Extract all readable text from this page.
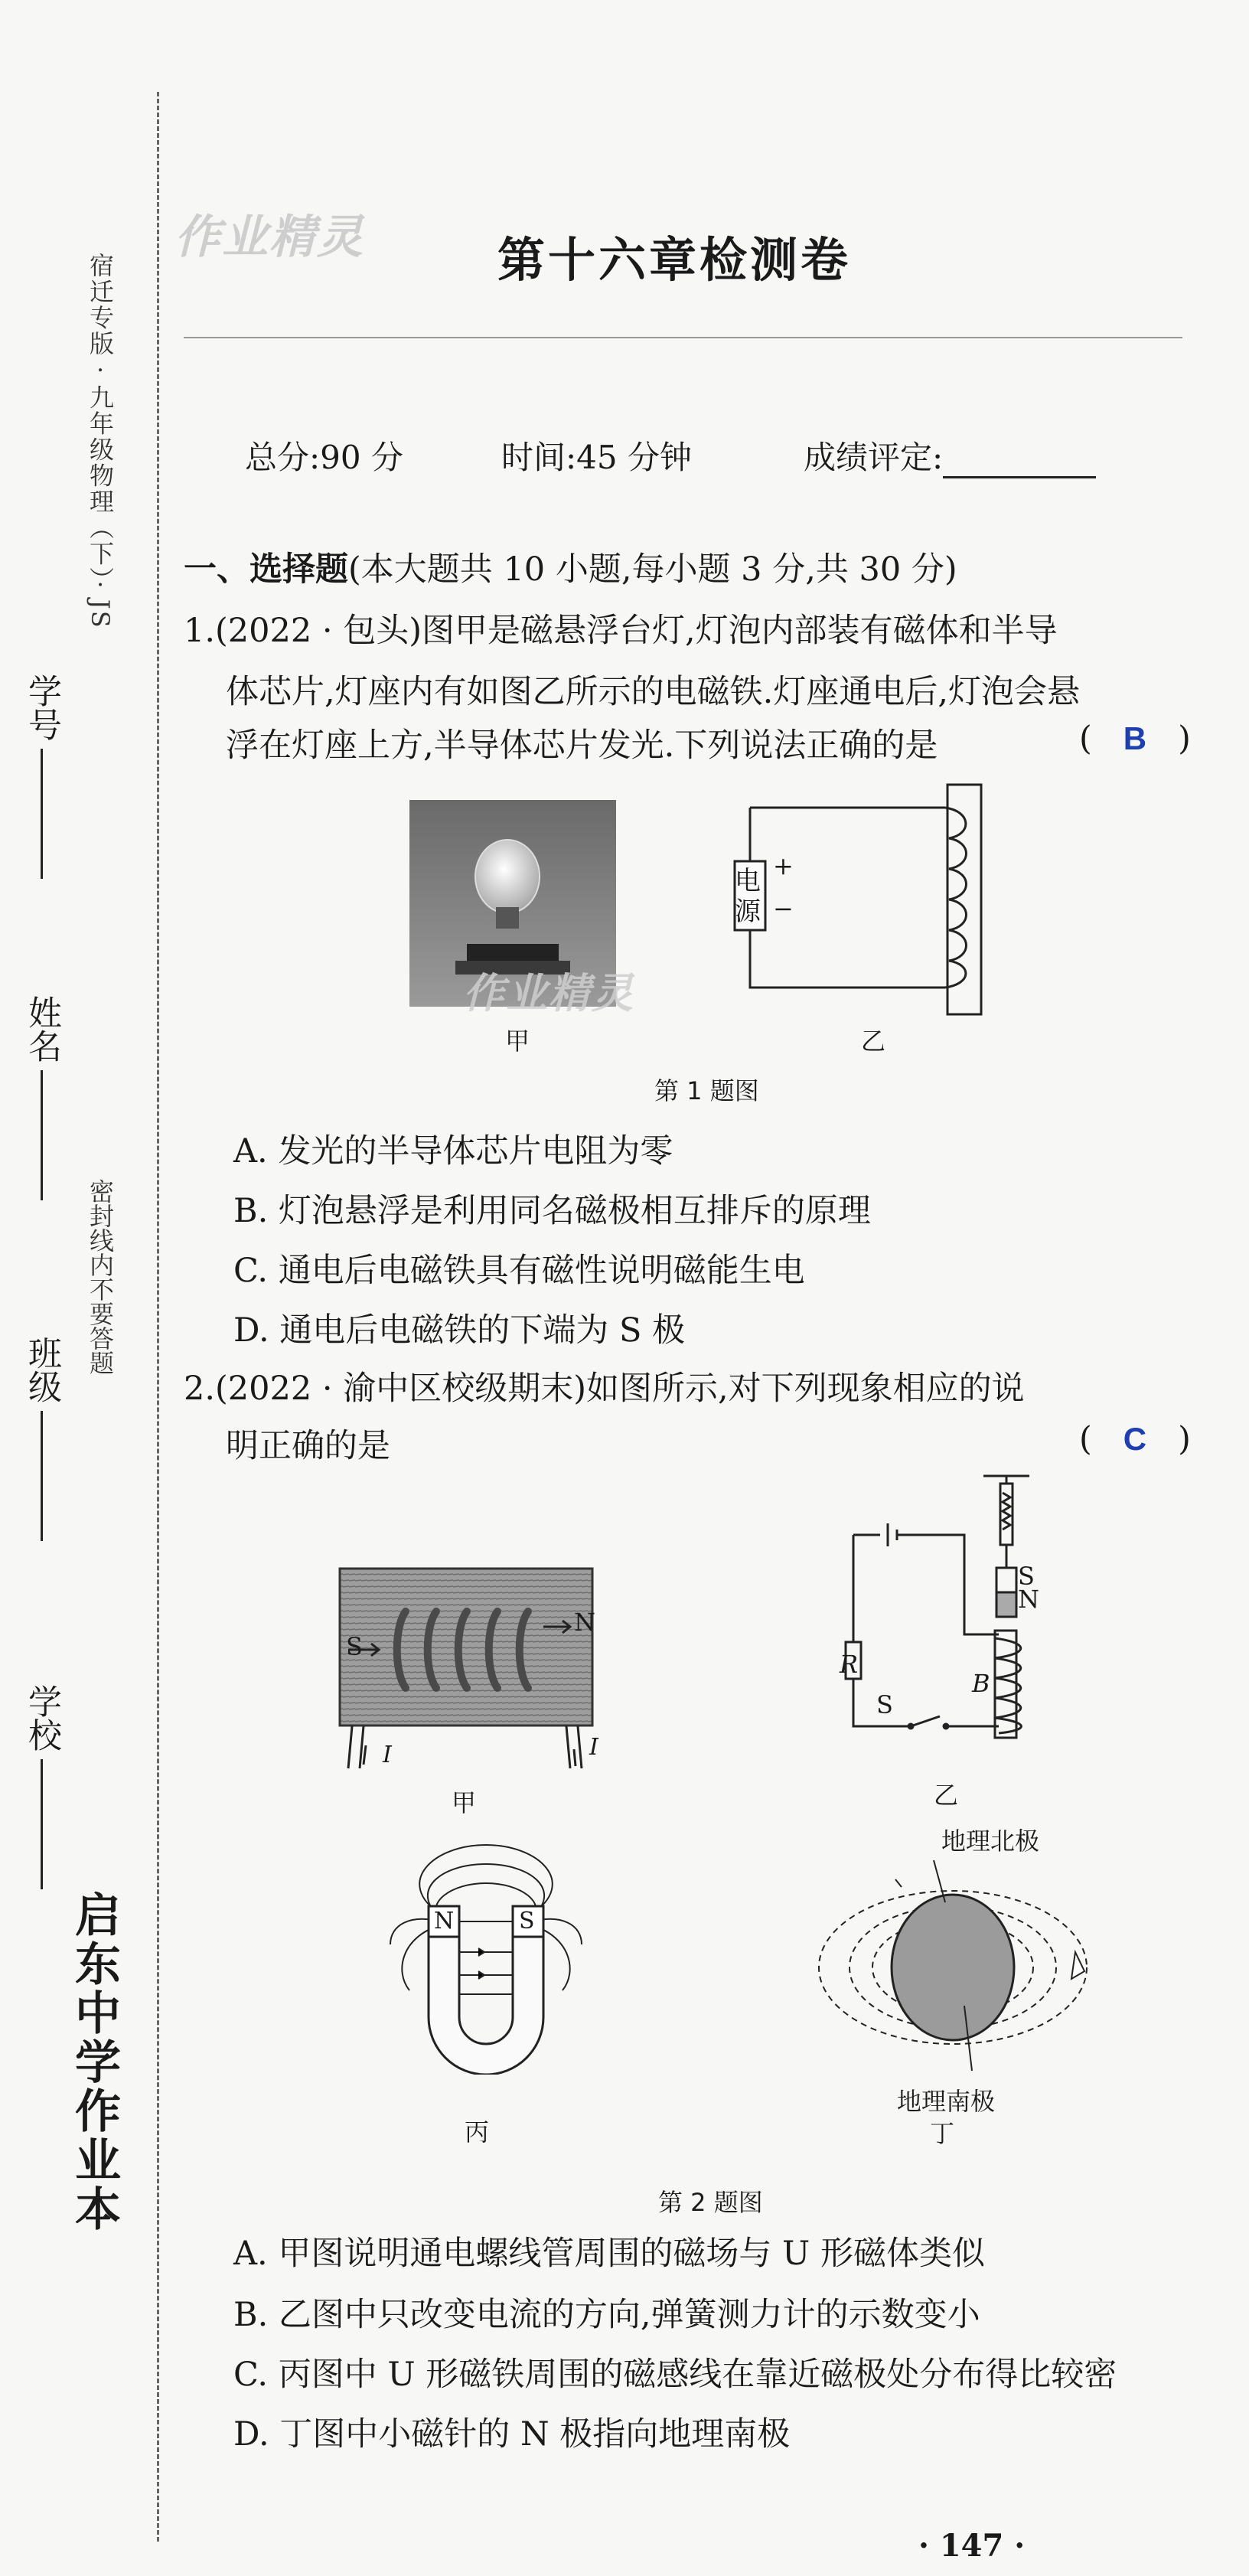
学校
班级
姓名
学号
密封线内不要答题
宿迁专版 · 九年级物理（下）· JS
启东中学作业本
作业精灵	第十六章检测卷
总分:90 分	时间:45 分钟	成绩评定:
一、选择题(本大题共 10 小题,每小题 3 分,共 30 分)
1.(2022 · 包头)图甲是磁悬浮台灯,灯泡内部装有磁体和半导
体芯片,灯座内有如图乙所示的电磁铁.灯座通电后,灯泡会悬
浮在灯座上方,半导体芯片发光.下列说法正确的是	(   B   )
甲
作业精灵
电
源
+
−
乙
第 1 题图
A. 发光的半导体芯片电阻为零
B. 灯泡悬浮是利用同名磁极相互排斥的原理
C. 通电后电磁铁具有磁性说明磁能生电
D. 通电后电磁铁的下端为 S 极
2.(2022 · 渝中区校级期末)如图所示,对下列现象相应的说
明正确的是	(   C   )
S
N
I	I
甲
S
N
R
B
S
乙
N	S
丙
地理北极
地理南极
丁
第 2 题图
A. 甲图说明通电螺线管周围的磁场与 U 形磁体类似
B. 乙图中只改变电流的方向,弹簧测力计的示数变小
C. 丙图中 U 形磁铁周围的磁感线在靠近磁极处分布得比较密
D. 丁图中小磁针的 N 极指向地理南极
· 147 ·
